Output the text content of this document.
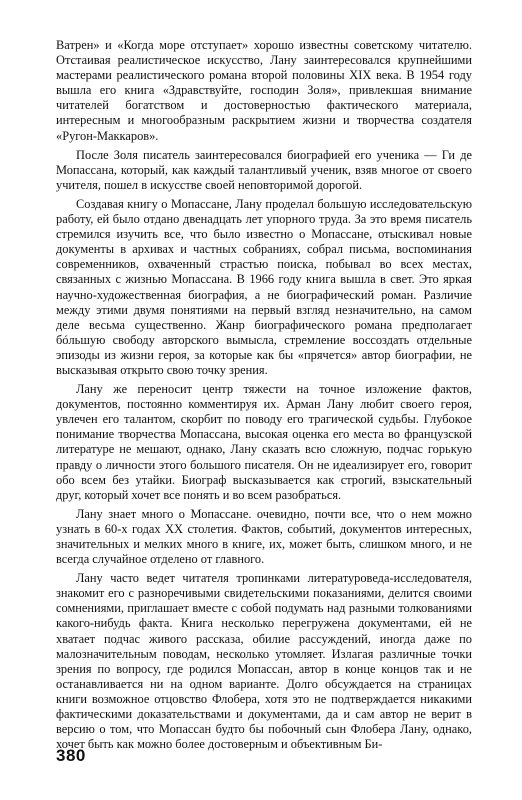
Ватрен» и «Когда море отступает» хорошо известны советскому читателю. Отстаивая реалистическое искусство, Лану заинтересовался крупнейшими мастерами реалистического романа второй половины XIX века. В 1954 году вышла его книга «Здравствуйте, господин Золя», привлекшая внимание читателей богатством и достоверностью фактического материала, интересным и многообразным раскрытием жизни и творчества создателя «Ругон-Маккаров».

После Золя писатель заинтересовался биографией его ученика — Ги де Мопассана, который, как каждый талантливый ученик, взяв многое от своего учителя, пошел в искусстве своей неповторимой дорогой.

Создавая книгу о Мопассане, Лану проделал большую исследовательскую работу, ей было отдано двенадцать лет упорного труда. За это время писатель стремился изучить все, что было известно о Мопассане, отыскивал новые документы в архивах и частных собраниях, собрал письма, воспоминания современников, охваченный страстью поиска, побывал во всех местах, связанных с жизнью Мопассана. В 1966 году книга вышла в свет. Это яркая научно-художественная биография, а не биографический роман. Различие между этими двумя понятиями на первый взгляд незначительно, на самом деле весьма существенно. Жанр биографического романа предполагает бóльшую свободу авторского вымысла, стремление воссоздать отдельные эпизоды из жизни героя, за которые как бы «прячется» автор биографии, не высказывая открыто свою точку зрения.

Лану же переносит центр тяжести на точное изложение фактов, документов, постоянно комментируя их. Арман Лану любит своего героя, увлечен его талантом, скорбит по поводу его трагической судьбы. Глубокое понимание творчества Мопассана, высокая оценка его места во французской литературе не мешают, однако, Лану сказать всю сложную, подчас горькую правду о личности этого большого писателя. Он не идеализирует его, говорит обо всем без утайки. Биограф высказывается как строгий, взыскательный друг, который хочет все понять и во всем разобраться.

Лану знает много о Мопассане. очевидно, почти все, что о нем можно узнать в 60-х годах XX столетия. Фактов, событий, документов интересных, значительных и мелких много в книге, их, может быть, слишком много, и не всегда случайное отделено от главного.

Лану часто ведет читателя тропинками литературоведа-исследователя, знакомит его с разноречивыми свидетельскими показаниями, делится своими сомнениями, приглашает вместе с собой подумать над разными толкованиями какого-нибудь факта. Книга несколько перегружена документами, ей не хватает подчас живого рассказа, обилие рассуждений, иногда даже по малозначительным поводам, несколько утомляет. Излагая различные точки зрения по вопросу, где родился Мопассан, автор в конце концов так и не останавливается ни на одном варианте. Долго обсуждается на страницах книги возможное отцовство Флобера, хотя это не подтверждается никакими фактическими доказательствами и документами, да и сам автор не верит в версию о том, что Мопассан будто бы побочный сын Флобера Лану, однако, хочет быть как можно более достоверным и объективным Би-

380
